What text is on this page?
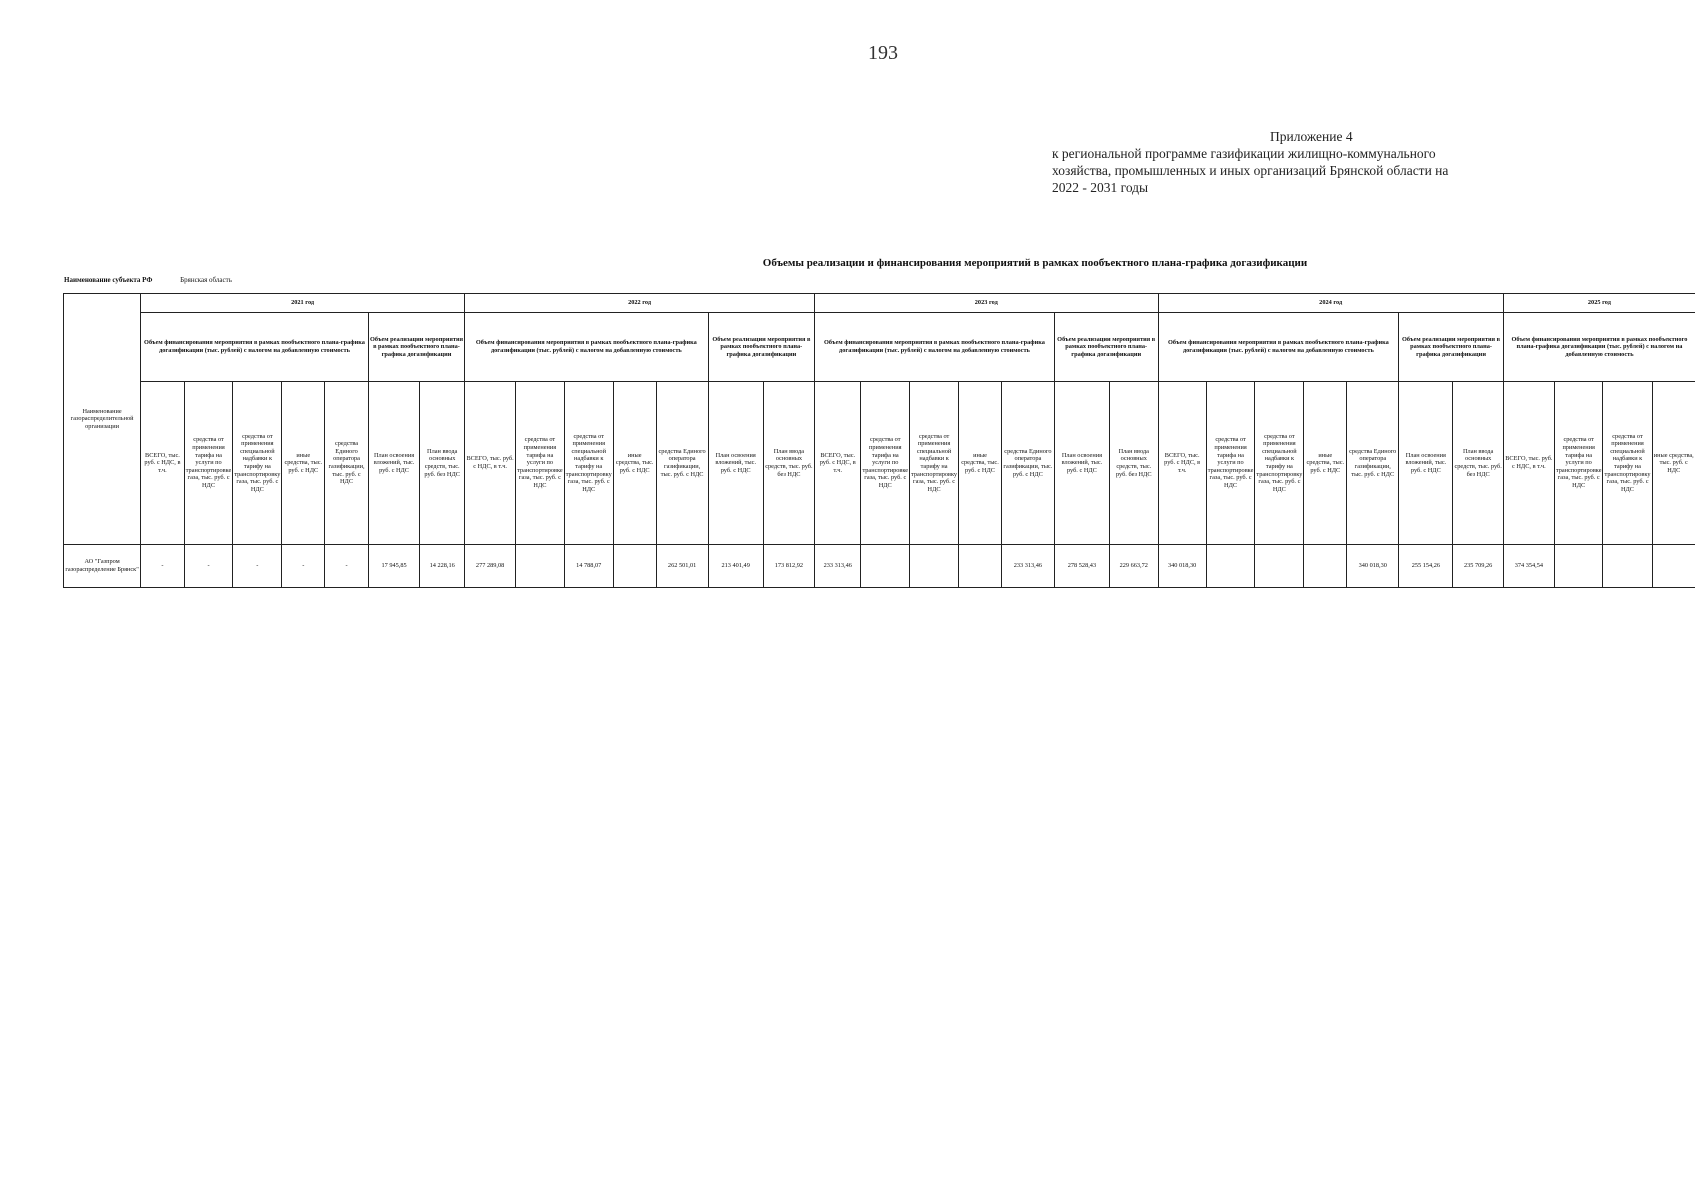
193
Приложение 4
к региональной программе газификации жилищно-коммунального
хозяйства, промышленных и иных организаций Брянской области на
2022 - 2031 годы
Объемы реализации и финансирования мероприятий в рамках пообъектного плана-графика догазификации
Наименование субъекта РФ	Брянская область
Наименование газораспределительной организации	2021 год							2022 год							2023 год							2024 год							2025 год			
	Объем финансирования мероприятия в рамках пообъектного плана-графика догазификации (тыс. рублей) с налогом на добавленную стоимость					Объем реализации мероприятия в рамках пообъектного плана-графика догазификации		Объем финансирования мероприятия в рамках пообъектного плана-графика догазификации (тыс. рублей) с налогом на добавленную стоимость					Объем реализации мероприятия в рамках пообъектного плана-графика догазификации		Объем финансирования мероприятия в рамках пообъектного плана-графика догазификации (тыс. рублей) с налогом на добавленную стоимость					Объем реализации мероприятия в рамках пообъектного плана-графика догазификации		Объем финансирования мероприятия в рамках пообъектного плана-графика догазификации (тыс. рублей) с налогом на добавленную стоимость					Объем реализации мероприятия в рамках пообъектного плана-графика догазификации		Объем финансирования мероприятия в рамках пообъектного плана-графика догазификации (тыс. рублей) с налогом на добавленную стоимость			
	ВСЕГО, тыс. руб. с НДС, в т.ч.	средства от применения тарифа на услуги по транспортировке газа, тыс. руб. с НДС	средства от применения специальной надбавки к тарифу на транспортировку газа, тыс. руб. с НДС	иные средства, тыс. руб. с НДС	средства Единого оператора газификации, тыс. руб. с НДС	План освоения вложений, тыс. руб. с НДС	План ввода основных средств, тыс. руб. без НДС	ВСЕГО, тыс. руб. с НДС, в т.ч.	средства от применения тарифа на услуги по транспортировке газа, тыс. руб. с НДС	средства от применения специальной надбавки к тарифу на транспортировку газа, тыс. руб. с НДС	иные средства, тыс. руб. с НДС	средства Единого оператора газификации, тыс. руб. с НДС	План освоения вложений, тыс. руб. с НДС	План ввода основных средств, тыс. руб. без НДС	ВСЕГО, тыс. руб. с НДС, в т.ч.	средства от применения тарифа на услуги по транспортировке газа, тыс. руб. с НДС	средства от применения специальной надбавки к тарифу на транспортировку газа, тыс. руб. с НДС	иные средства, тыс. руб. с НДС	средства Единого оператора газификации, тыс. руб. с НДС	План освоения вложений, тыс. руб. с НДС	План ввода основных средств, тыс. руб. без НДС	ВСЕГО, тыс. руб. с НДС, в т.ч.	средства от применения тарифа на услуги по транспортировке газа, тыс. руб. с НДС	средства от применения специальной надбавки к тарифу на транспортировку газа, тыс. руб. с НДС	иные средства, тыс. руб. с НДС	средства Единого оператора газификации, тыс. руб. с НДС	План освоения вложений, тыс. руб. с НДС	План ввода основных средств, тыс. руб. без НДС	ВСЕГО, тыс. руб. с НДС, в т.ч.	средства от применения тарифа на услуги по транспортировке газа, тыс. руб. с НДС	средства от применения специальной надбавки к тарифу на транспортировку газа, тыс. руб. с НДС	иные средства, тыс. руб. с НДС
АО "Газпром газораспределение Брянск"	-	-	-	-	-	17 945,85	14 228,16	277 289,08		14 788,07		262 501,01	213 401,49	173 812,92	233 313,46				233 313,46	278 528,43	229 663,72	340 018,30				340 018,30	255 154,26	235 709,26	374 354,54			
